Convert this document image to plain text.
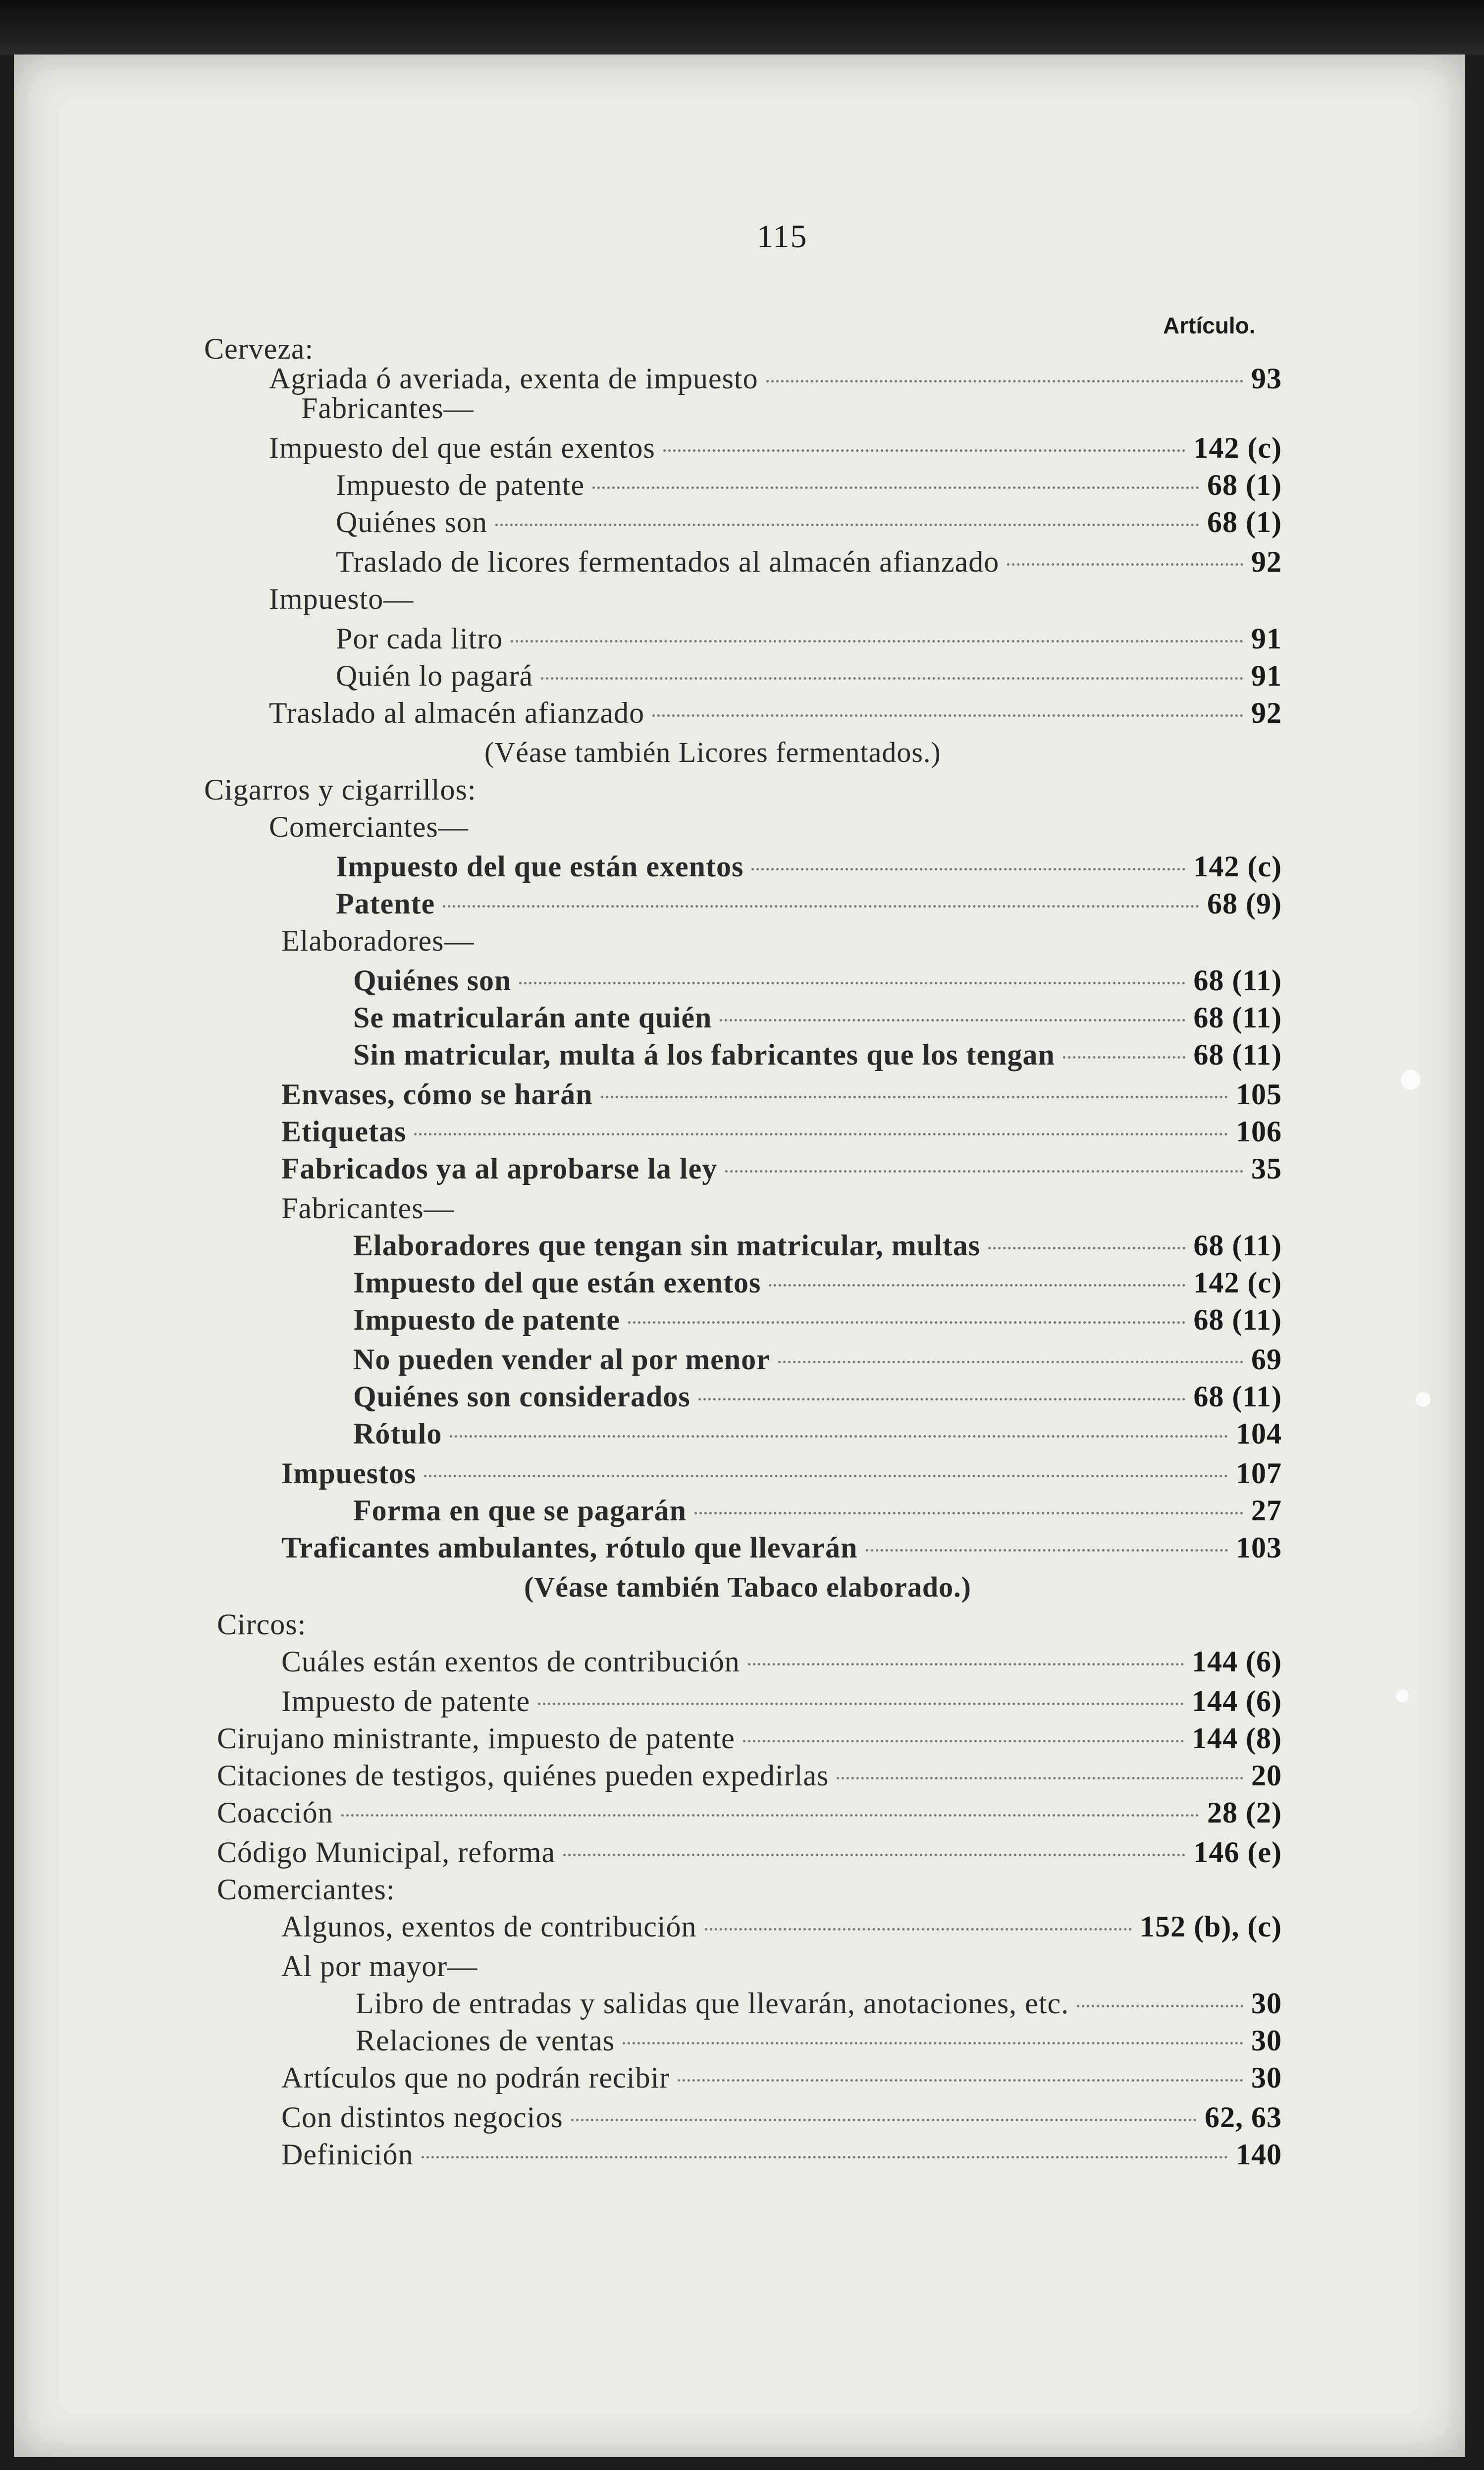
115
Artículo.
Cerveza:
Agriada ó averiada, exenta de impuesto	93
Fabricantes—
Impuesto del que están exentos	142 (c)
Impuesto de patente	68 (1)
Quiénes son	68 (1)
Traslado de licores fermentados al almacén afianzado	92
Impuesto—
Por cada litro	91
Quién lo pagará	91
Traslado al almacén afianzado	92
(Véase también Licores fermentados.)
Cigarros y cigarrillos:
Comerciantes—
Impuesto del que están exentos	142 (c)
Patente	68 (9)
Elaboradores—
Quiénes son	68 (11)
Se matricularán ante quién	68 (11)
Sin matricular, multa á los fabricantes que los tengan	68 (11)
Envases, cómo se harán	105
Etiquetas	106
Fabricados ya al aprobarse la ley	35
Fabricantes—
Elaboradores que tengan sin matricular, multas	68 (11)
Impuesto del que están exentos	142 (c)
Impuesto de patente	68 (11)
No pueden vender al por menor	69
Quiénes son considerados	68 (11)
Rótulo	104
Impuestos	107
Forma en que se pagarán	27
Traficantes ambulantes, rótulo que llevarán	103
(Véase también Tabaco elaborado.)
Circos:
Cuáles están exentos de contribución	144 (6)
Impuesto de patente	144 (6)
Cirujano ministrante, impuesto de patente	144 (8)
Citaciones de testigos, quiénes pueden expedirlas	20
Coacción	28 (2)
Código Municipal, reforma	146 (e)
Comerciantes:
Algunos, exentos de contribución	152 (b), (c)
Al por mayor—
Libro de entradas y salidas que llevarán, anotaciones, etc.	30
Relaciones de ventas	30
Artículos que no podrán recibir	30
Con distintos negocios	62, 63
Definición	140
